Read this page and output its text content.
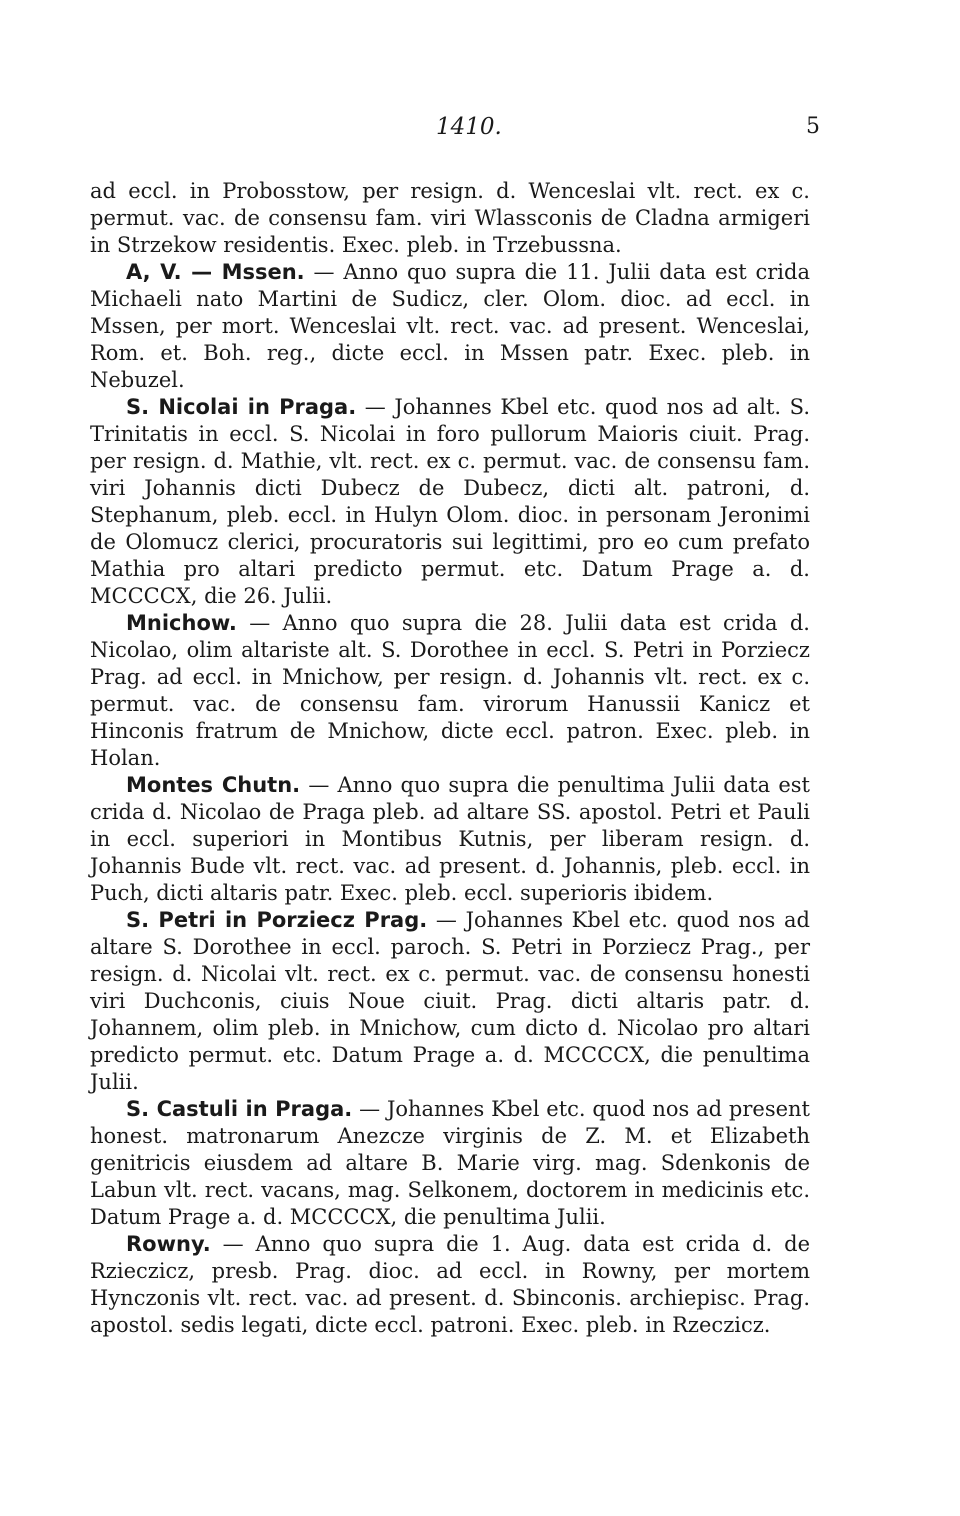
1410.	5

ad eccl. in Probosstow, per resign. d. Wenceslai vlt. rect. ex c. permut. vac. de consensu fam. viri Wlassconis de Cladna armigeri in Strzekow residentis. Exec. pleb. in Trzebussna.

A, V. — Mssen. — Anno quo supra die 11. Julii data est crida Michaeli nato Martini de Sudicz, cler. Olom. dioc. ad eccl. in Mssen, per mort. Wenceslai vlt. rect. vac. ad present. Wenceslai, Rom. et. Boh. reg., dicte eccl. in Mssen patr. Exec. pleb. in Nebuzel.

S. Nicolai in Praga. — Johannes Kbel etc. quod nos ad alt. S. Trinitatis in eccl. S. Nicolai in foro pullorum Maioris ciuit. Prag. per resign. d. Mathie, vlt. rect. ex c. permut. vac. de consensu fam. viri Johannis dicti Dubecz de Dubecz, dicti alt. patroni, d. Stephanum, pleb. eccl. in Hulyn Olom. dioc. in personam Jeronimi de Olomucz clerici, procuratoris sui legittimi, pro eo cum prefato Mathia pro altari predicto permut. etc. Datum Prage a. d. MCCCCX, die 26. Julii.

Mnichow. — Anno quo supra die 28. Julii data est crida d. Nicolao, olim altariste alt. S. Dorothee in eccl. S. Petri in Porziecz Prag. ad eccl. in Mnichow, per resign. d. Johannis vlt. rect. ex c. permut. vac. de consensu fam. virorum Hanussii Kanicz et Hinconis fratrum de Mnichow, dicte eccl. patron. Exec. pleb. in Holan.

Montes Chutn. — Anno quo supra die penultima Julii data est crida d. Nicolao de Praga pleb. ad altare SS. apostol. Petri et Pauli in eccl. superiori in Montibus Kutnis, per liberam resign. d. Johannis Bude vlt. rect. vac. ad present. d. Johannis, pleb. eccl. in Puch, dicti altaris patr. Exec. pleb. eccl. superioris ibidem.

S. Petri in Porziecz Prag. — Johannes Kbel etc. quod nos ad altare S. Dorothee in eccl. paroch. S. Petri in Porziecz Prag., per resign. d. Nicolai vlt. rect. ex c. permut. vac. de consensu honesti viri Duchconis, ciuis Noue ciuit. Prag. dicti altaris patr. d. Johannem, olim pleb. in Mnichow, cum dicto d. Nicolao pro altari predicto permut. etc. Datum Prage a. d. MCCCCX, die penultima Julii.

S. Castuli in Praga. — Johannes Kbel etc. quod nos ad present honest. matronarum Anezcze virginis de Z. M. et Elizabeth genitricis eiusdem ad altare B. Marie virg. mag. Sdenkonis de Labun vlt. rect. vacans, mag. Selkonem, doctorem in medicinis etc. Datum Prage a. d. MCCCCX, die penultima Julii.

Rowny. — Anno quo supra die 1. Aug. data est crida d. de Rzieczicz, presb. Prag. dioc. ad eccl. in Rowny, per mortem Hynczonis vlt. rect. vac. ad present. d. Sbinconis. archiepisc. Prag. apostol. sedis legati, dicte eccl. patroni. Exec. pleb. in Rzeczicz.
